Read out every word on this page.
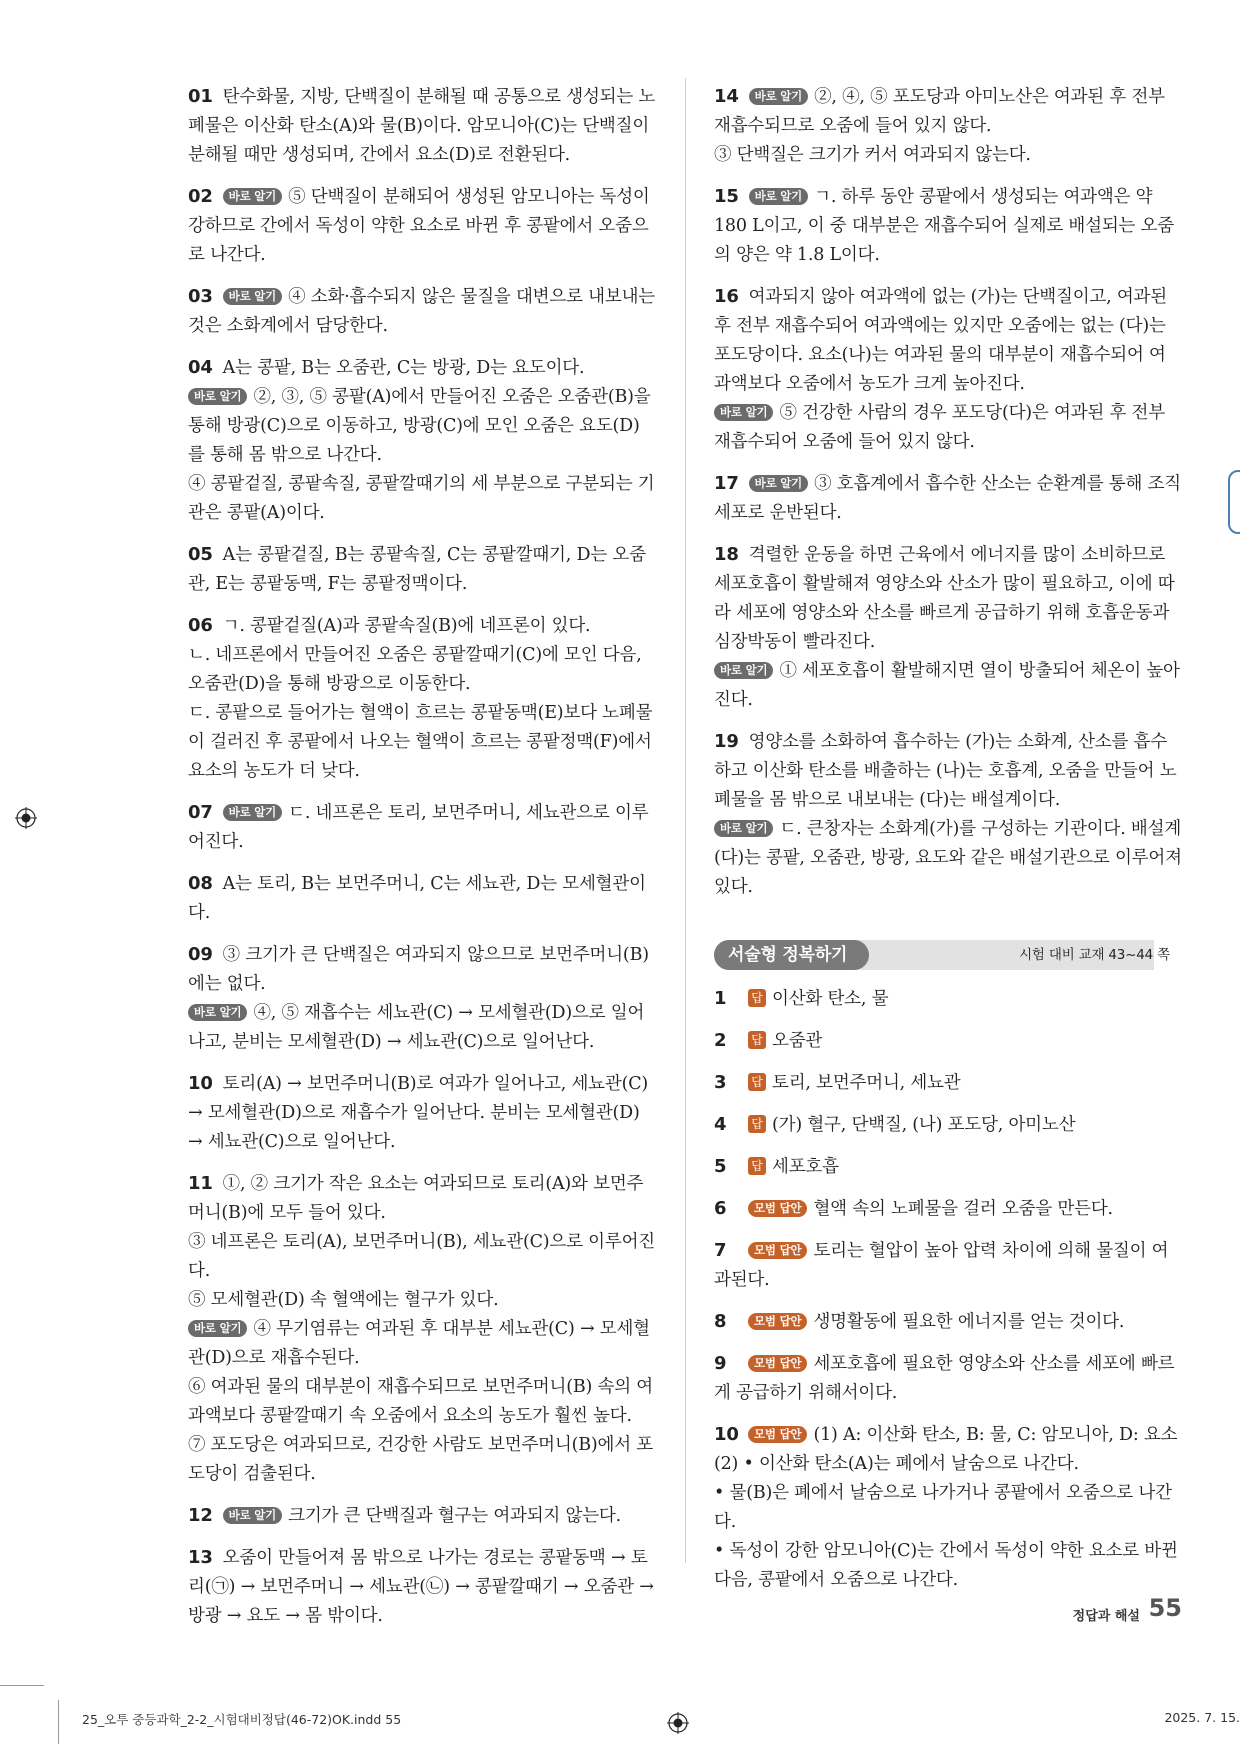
01 탄수화물, 지방, 단백질이 분해될 때 공통으로 생성되는 노폐물은 이산화 탄소(A)와 물(B)이다. 암모니아(C)는 단백질이 분해될 때만 생성되며, 간에서 요소(D)로 전환된다.

02 바로 알기 ⑤ 단백질이 분해되어 생성된 암모니아는 독성이 강하므로 간에서 독성이 약한 요소로 바뀐 후 콩팥에서 오줌으로 나간다.

03 바로 알기 ④ 소화·흡수되지 않은 물질을 대변으로 내보내는 것은 소화계에서 담당한다.

04 A는 콩팥, B는 오줌관, C는 방광, D는 요도이다.

바로 알기 ②, ③, ⑤ 콩팥(A)에서 만들어진 오줌은 오줌관(B)을 통해 방광(C)으로 이동하고, 방광(C)에 모인 오줌은 요도(D)를 통해 몸 밖으로 나간다.

④ 콩팥겉질, 콩팥속질, 콩팥깔때기의 세 부분으로 구분되는 기관은 콩팥(A)이다.

05 A는 콩팥겉질, B는 콩팥속질, C는 콩팥깔때기, D는 오줌관, E는 콩팥동맥, F는 콩팥정맥이다.

06 ㄱ. 콩팥겉질(A)과 콩팥속질(B)에 네프론이 있다.

ㄴ. 네프론에서 만들어진 오줌은 콩팥깔때기(C)에 모인 다음, 오줌관(D)을 통해 방광으로 이동한다.

ㄷ. 콩팥으로 들어가는 혈액이 흐르는 콩팥동맥(E)보다 노폐물이 걸러진 후 콩팥에서 나오는 혈액이 흐르는 콩팥정맥(F)에서 요소의 농도가 더 낮다.

07 바로 알기 ㄷ. 네프론은 토리, 보먼주머니, 세뇨관으로 이루어진다.

08 A는 토리, B는 보먼주머니, C는 세뇨관, D는 모세혈관이다.

09 ③ 크기가 큰 단백질은 여과되지 않으므로 보먼주머니(B)에는 없다.

바로 알기 ④, ⑤ 재흡수는 세뇨관(C) → 모세혈관(D)으로 일어나고, 분비는 모세혈관(D) → 세뇨관(C)으로 일어난다.

10 토리(A) → 보먼주머니(B)로 여과가 일어나고, 세뇨관(C) → 모세혈관(D)으로 재흡수가 일어난다. 분비는 모세혈관(D) → 세뇨관(C)으로 일어난다.

11 ①, ② 크기가 작은 요소는 여과되므로 토리(A)와 보먼주머니(B)에 모두 들어 있다.

③ 네프론은 토리(A), 보먼주머니(B), 세뇨관(C)으로 이루어진다.

⑤ 모세혈관(D) 속 혈액에는 혈구가 있다.

바로 알기 ④ 무기염류는 여과된 후 대부분 세뇨관(C) → 모세혈관(D)으로 재흡수된다.

⑥ 여과된 물의 대부분이 재흡수되므로 보먼주머니(B) 속의 여과액보다 콩팥깔때기 속 오줌에서 요소의 농도가 훨씬 높다.

⑦ 포도당은 여과되므로, 건강한 사람도 보먼주머니(B)에서 포도당이 검출된다.

12 바로 알기 크기가 큰 단백질과 혈구는 여과되지 않는다.

13 오줌이 만들어져 몸 밖으로 나가는 경로는 콩팥동맥 → 토리(㉠) → 보먼주머니 → 세뇨관(㉡) → 콩팥깔때기 → 오줌관 → 방광 → 요도 → 몸 밖이다.

14 바로 알기 ②, ④, ⑤ 포도당과 아미노산은 여과된 후 전부 재흡수되므로 오줌에 들어 있지 않다.

③ 단백질은 크기가 커서 여과되지 않는다.

15 바로 알기 ㄱ. 하루 동안 콩팥에서 생성되는 여과액은 약 180 L이고, 이 중 대부분은 재흡수되어 실제로 배설되는 오줌의 양은 약 1.8 L이다.

16 여과되지 않아 여과액에 없는 (가)는 단백질이고, 여과된 후 전부 재흡수되어 여과액에는 있지만 오줌에는 없는 (다)는 포도당이다. 요소(나)는 여과된 물의 대부분이 재흡수되어 여과액보다 오줌에서 농도가 크게 높아진다.

바로 알기 ⑤ 건강한 사람의 경우 포도당(다)은 여과된 후 전부 재흡수되어 오줌에 들어 있지 않다.

17 바로 알기 ③ 호흡계에서 흡수한 산소는 순환계를 통해 조직 세포로 운반된다.

18 격렬한 운동을 하면 근육에서 에너지를 많이 소비하므로 세포호흡이 활발해져 영양소와 산소가 많이 필요하고, 이에 따라 세포에 영양소와 산소를 빠르게 공급하기 위해 호흡운동과 심장박동이 빨라진다.

바로 알기 ① 세포호흡이 활발해지면 열이 방출되어 체온이 높아진다.

19 영양소를 소화하여 흡수하는 (가)는 소화계, 산소를 흡수하고 이산화 탄소를 배출하는 (나)는 호흡계, 오줌을 만들어 노폐물을 몸 밖으로 내보내는 (다)는 배설계이다.

바로 알기 ㄷ. 큰창자는 소화계(가)를 구성하는 기관이다. 배설계(다)는 콩팥, 오줌관, 방광, 요도와 같은 배설기관으로 이루어져 있다.

서술형 정복하기	시험 대비 교재 43~44 쪽

1 답 이산화 탄소, 물

2 답 오줌관

3 답 토리, 보먼주머니, 세뇨관

4 답 (가) 혈구, 단백질, (나) 포도당, 아미노산

5 답 세포호흡

6 모범 답안 혈액 속의 노폐물을 걸러 오줌을 만든다.

7 모범 답안 토리는 혈압이 높아 압력 차이에 의해 물질이 여과된다.

8 모범 답안 생명활동에 필요한 에너지를 얻는 것이다.

9 모범 답안 세포호흡에 필요한 영양소와 산소를 세포에 빠르게 공급하기 위해서이다.

10 모범 답안 (1) A: 이산화 탄소, B: 물, C: 암모니아, D: 요소

(2) • 이산화 탄소(A)는 폐에서 날숨으로 나간다.

• 물(B)은 폐에서 날숨으로 나가거나 콩팥에서 오줌으로 나간다.

• 독성이 강한 암모니아(C)는 간에서 독성이 약한 요소로 바뀐다음, 콩팥에서 오줌으로 나간다.

정답과 해설 55
25_오투 중등과학_2-2_시험대비정답(46-72)OK.indd 55	2025. 7. 15.
